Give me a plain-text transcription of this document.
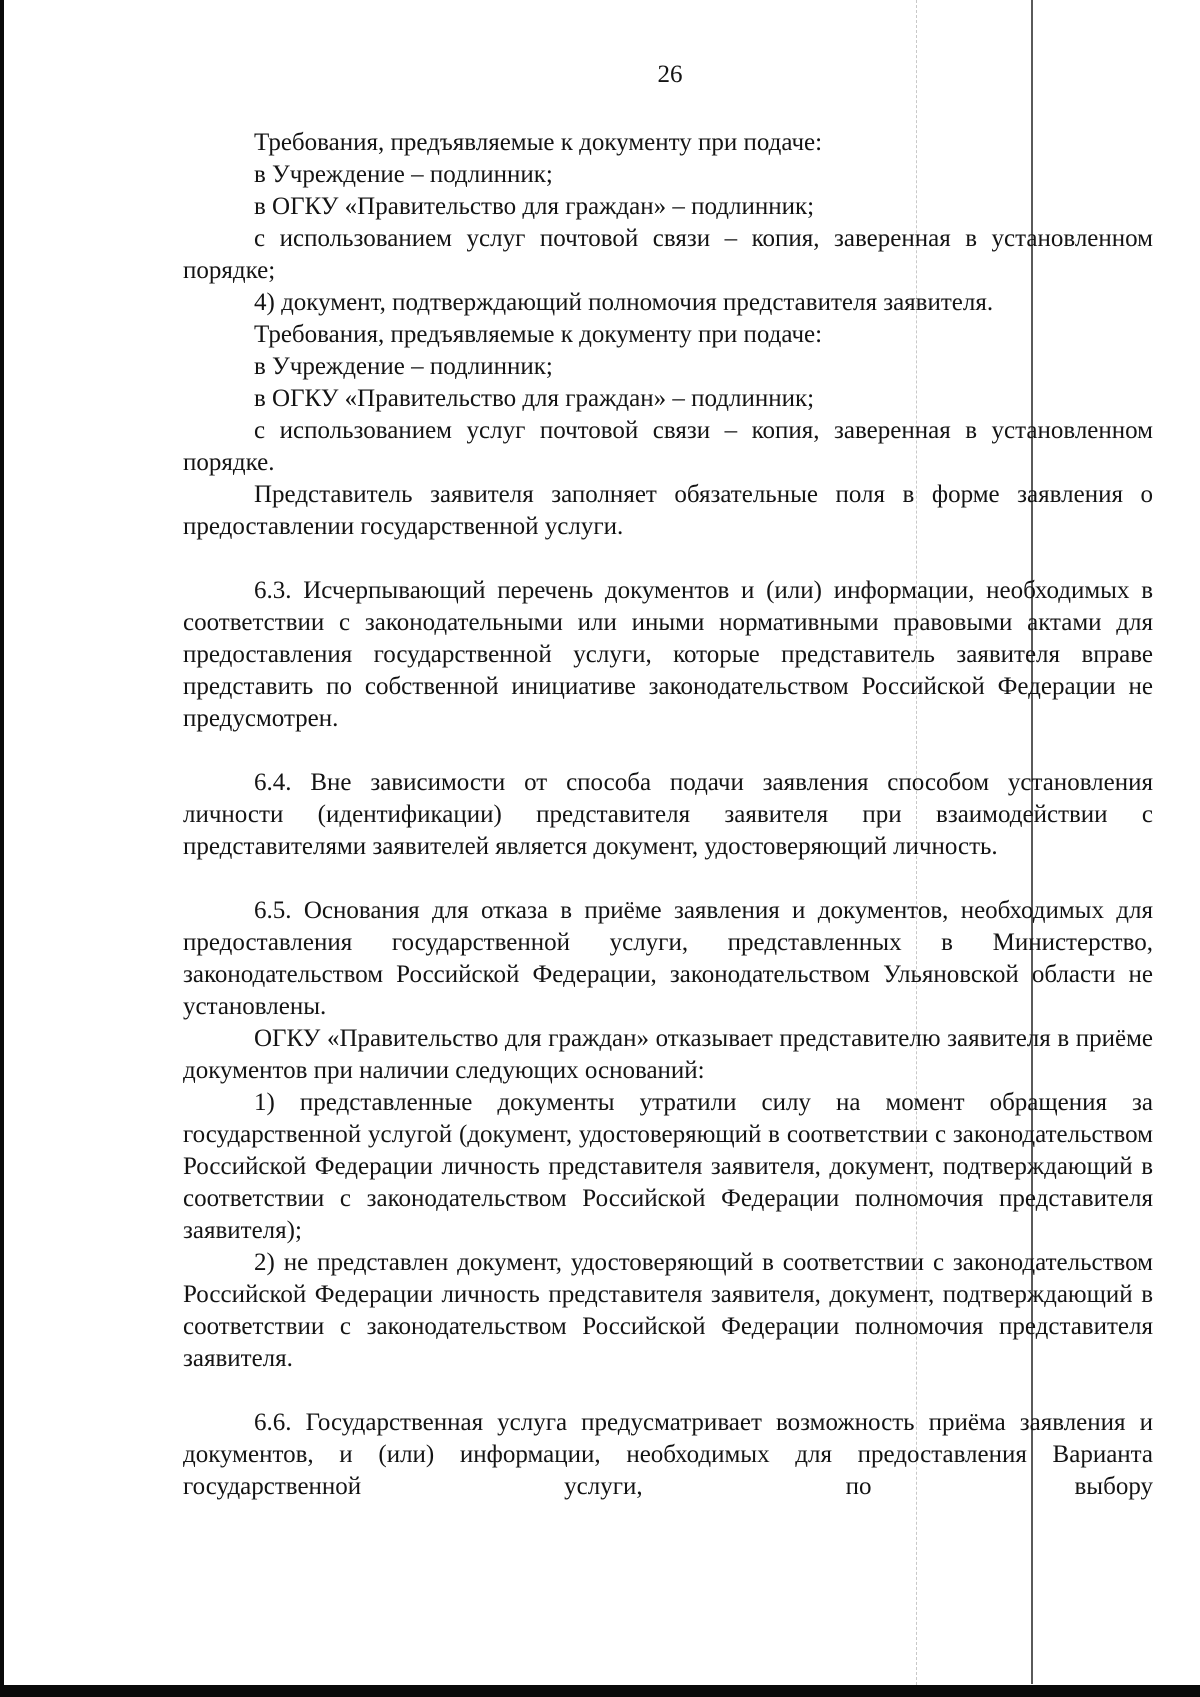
26

Требования, предъявляемые к документу при подаче:

в Учреждение – подлинник;

в ОГКУ «Правительство для граждан» – подлинник;

с использованием услуг почтовой связи – копия, заверенная в установленном порядке;

4) документ, подтверждающий полномочия представителя заявителя.

Требования, предъявляемые к документу при подаче:

в Учреждение – подлинник;

в ОГКУ «Правительство для граждан» – подлинник;

с использованием услуг почтовой связи – копия, заверенная в установленном порядке.

Представитель заявителя заполняет обязательные поля в форме заявления о предоставлении государственной услуги.

6.3. Исчерпывающий перечень документов и (или) информации, необходимых в соответствии с законодательными или иными нормативными правовыми актами для предоставления государственной услуги, которые представитель заявителя вправе представить по собственной инициативе законодательством Российской Федерации не предусмотрен.

6.4. Вне зависимости от способа подачи заявления способом установления личности (идентификации) представителя заявителя при взаимодействии с представителями заявителей является документ, удостоверяющий личность.

6.5. Основания для отказа в приёме заявления и документов, необходимых для предоставления государственной услуги, представленных в Министерство, законодательством Российской Федерации, законодательством Ульяновской области не установлены.

ОГКУ «Правительство для граждан» отказывает представителю заявителя в приёме документов при наличии следующих оснований:

1) представленные документы утратили силу на момент обращения за государственной услугой (документ, удостоверяющий в соответствии с законодательством Российской Федерации личность представителя заявителя, документ, подтверждающий в соответствии с законодательством Российской Федерации полномочия представителя заявителя);

2) не представлен документ, удостоверяющий в соответствии с законодательством Российской Федерации личность представителя заявителя, документ, подтверждающий в соответствии с законодательством Российской Федерации полномочия представителя заявителя.

6.6. Государственная услуга предусматривает возможность приёма заявления и документов, и (или) информации, необходимых для предоставления Варианта государственной услуги, по выбору
